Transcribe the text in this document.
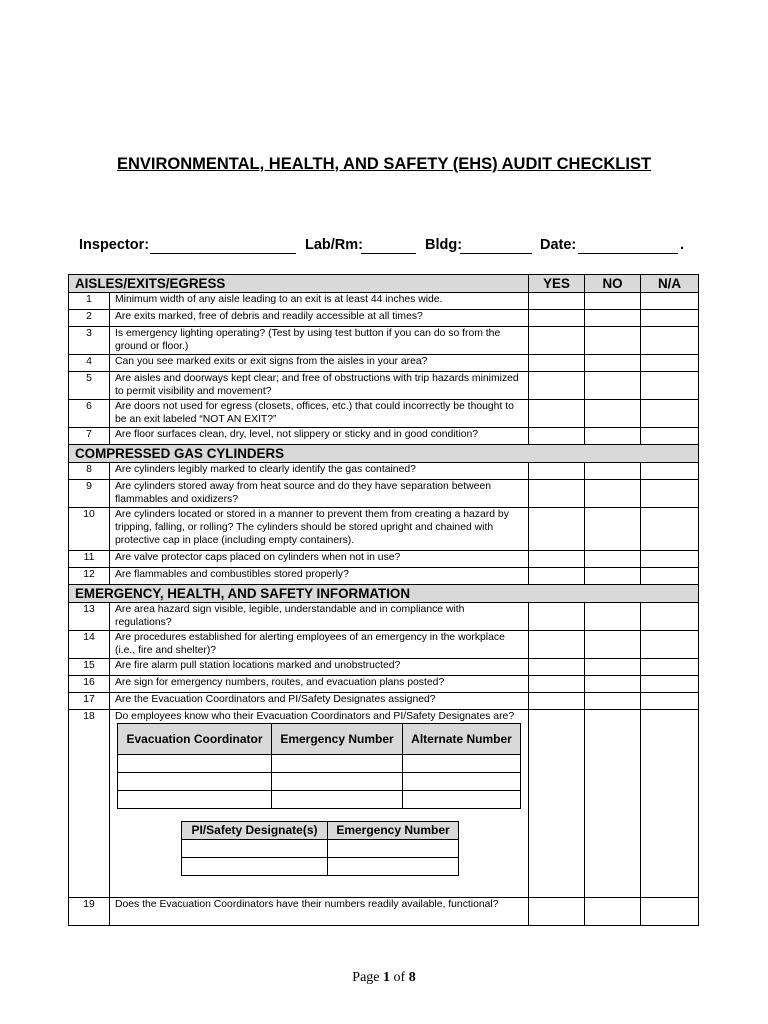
ENVIRONMENTAL, HEALTH, AND SAFETY (EHS) AUDIT CHECKLIST
Inspector:	Lab/Rm:	Bldg:	Date:	.
AISLES/EXITS/EGRESS	YES	NO	N/A
1	Minimum width of any aisle leading to an exit is at least 44 inches wide.			
2	Are exits marked, free of debris and readily accessible at all times?			
3	Is emergency lighting operating? (Test by using test button if you can do so from the ground or floor.)			
4	Can you see marked exits or exit signs from the aisles in your area?			
5	Are aisles and doorways kept clear; and free of obstructions with trip hazards minimized to permit visibility and movement?			
6	Are doors not used for egress (closets, offices, etc.) that could incorrectly be thought to be an exit labeled “NOT AN EXIT?”			
7	Are floor surfaces clean, dry, level, not slippery or sticky and in good condition?			
COMPRESSED GAS CYLINDERS
8	Are cylinders legibly marked to clearly identify the gas contained?			
9	Are cylinders stored away from heat source and do they have separation between flammables and oxidizers?			
10	Are cylinders located or stored in a manner to prevent them from creating a hazard by tripping, falling, or rolling? The cylinders should be stored upright and chained with protective cap in place (including empty containers).			
11	Are valve protector caps placed on cylinders when not in use?			
12	Are flammables and combustibles stored properly?			
EMERGENCY, HEALTH, AND SAFETY INFORMATION
13	Are area hazard sign visible, legible, understandable and in compliance with regulations?			
14	Are procedures established for alerting employees of an emergency in the workplace (i.e., fire and shelter)?			
15	Are fire alarm pull station locations marked and unobstructed?			
16	Are sign for emergency numbers, routes, and evacuation plans posted?			
17	Are the Evacuation Coordinators and PI/Safety Designates assigned?			
18	Do employees know who their Evacuation Coordinators and PI/Safety Designates are?
Evacuation Coordinator	Emergency Number	Alternate Number

PI/Safety Designate(s)	Emergency Number

19	Does the Evacuation Coordinators have their numbers readily available, functional?			
Page 1 of 8
